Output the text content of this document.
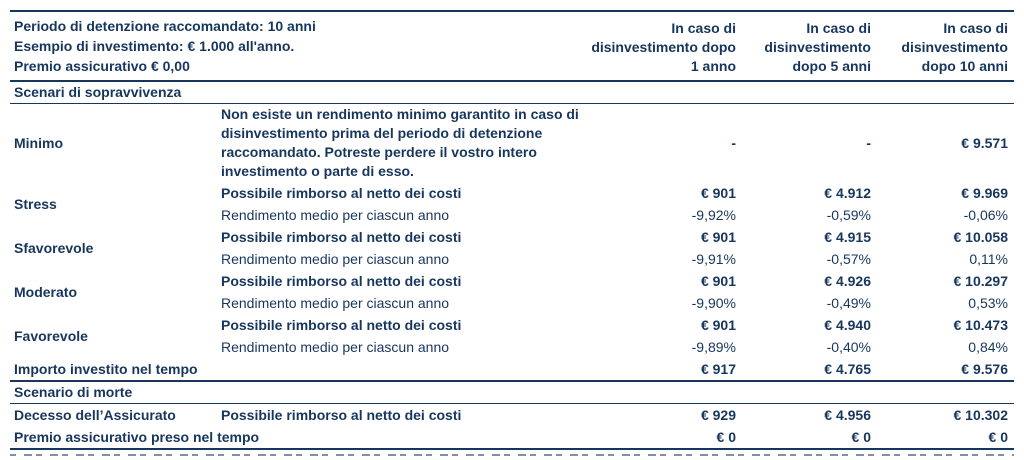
Periodo di detenzione raccomandato: 10 anni
Esempio di investimento: € 1.000 all'anno.
Premio assicurativo € 0,00		In caso di disinvestimento dopo 1 anno	In caso di disinvestimento dopo 5 anni	In caso di disinvestimento dopo 10 anni
Scenari di sopravvivenza				
Minimo	Non esiste un rendimento minimo garantito in caso di disinvestimento prima del periodo di detenzione raccomandato. Potreste perdere il vostro intero investimento o parte di esso.	-	-	€ 9.571
Stress	Possibile rimborso al netto dei costi	€ 901	€ 4.912	€ 9.969
	Rendimento medio per ciascun anno	-9,92%	-0,59%	-0,06%
Sfavorevole	Possibile rimborso al netto dei costi	€ 901	€ 4.915	€ 10.058
	Rendimento medio per ciascun anno	-9,91%	-0,57%	0,11%
Moderato	Possibile rimborso al netto dei costi	€ 901	€ 4.926	€ 10.297
	Rendimento medio per ciascun anno	-9,90%	-0,49%	0,53%
Favorevole	Possibile rimborso al netto dei costi	€ 901	€ 4.940	€ 10.473
	Rendimento medio per ciascun anno	-9,89%	-0,40%	0,84%
Importo investito nel tempo		€ 917	€ 4.765	€ 9.576
Scenario di morte				
Decesso dell’Assicurato	Possibile rimborso al netto dei costi	€ 929	€ 4.956	€ 10.302
Premio assicurativo preso nel tempo		€ 0	€ 0	€ 0
